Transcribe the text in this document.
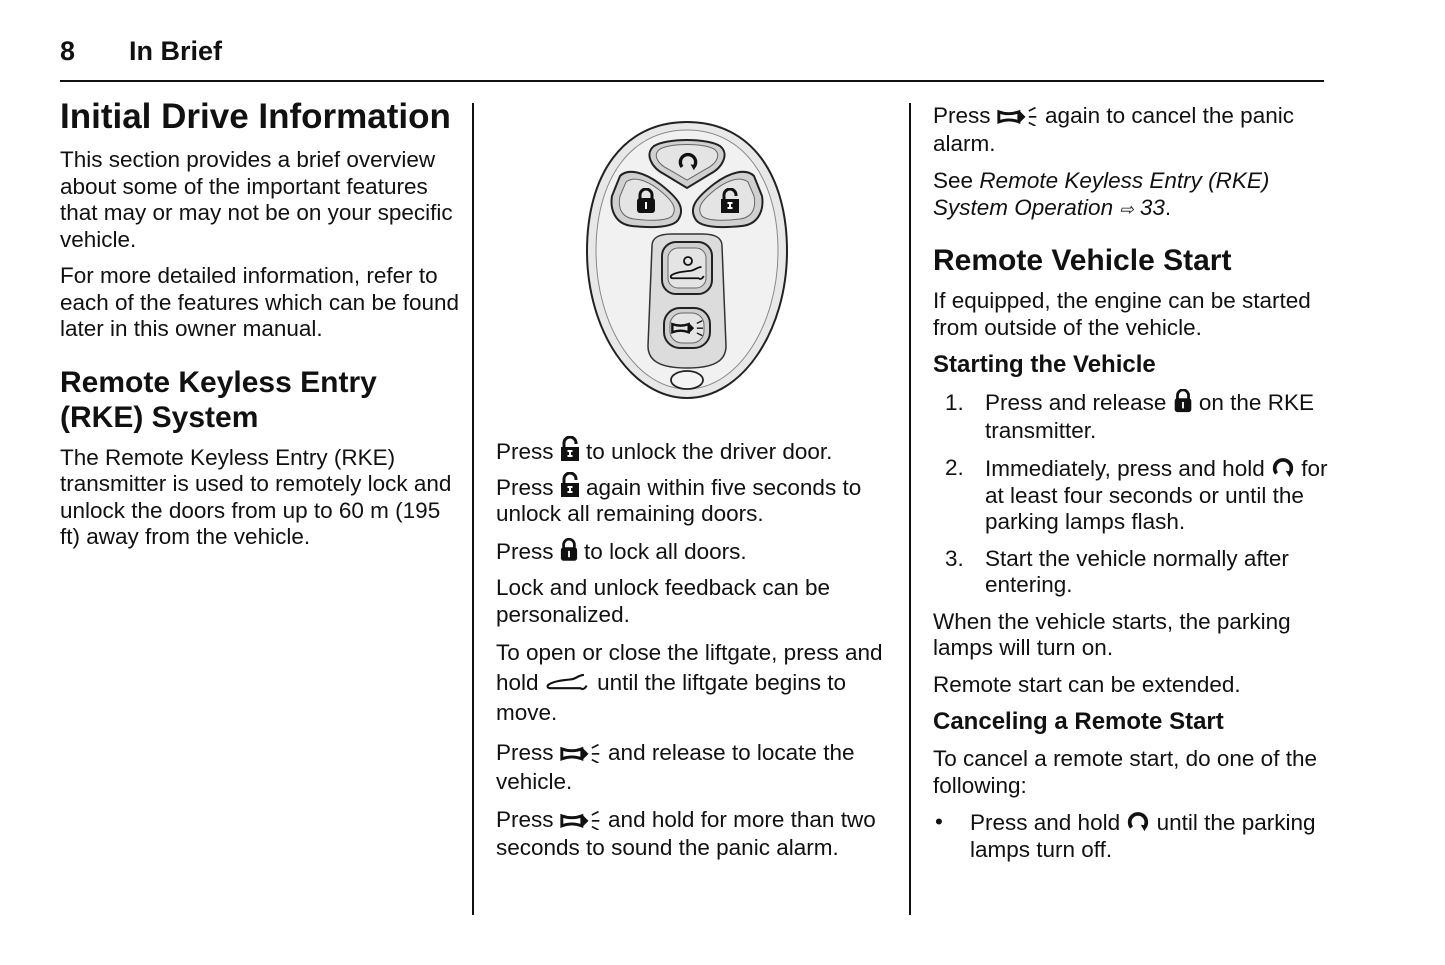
8 In Brief
Initial Drive Information

This section provides a brief overview about some of the important features that may or may not be on your specific vehicle.

For more detailed information, refer to each of the features which can be found later in this owner manual.

Remote Keyless Entry (RKE) System

The Remote Keyless Entry (RKE) transmitter is used to remotely lock and unlock the doors from up to 60 m (195 ft) away from the vehicle.

Press to unlock the driver door.

Press again within five seconds to unlock all remaining doors.

Press to lock all doors.

Lock and unlock feedback can be personalized.

To open or close the liftgate, press and hold	until the liftgate begins to move.

Press and release to locate the vehicle.

Press and hold for more than two seconds to sound the panic alarm.

Press again to cancel the panic alarm.

See Remote Keyless Entry (RKE) System Operation ⇨ 33.

Remote Vehicle Start

If equipped, the engine can be started from outside of the vehicle.

Starting the Vehicle
1. Press and release on the RKE transmitter.
2. Immediately, press and hold for at least four seconds or until the parking lamps flash.
3. Start the vehicle normally after entering.

When the vehicle starts, the parking lamps will turn on.

Remote start can be extended.

Canceling a Remote Start

To cancel a remote start, do one of the following:

• Press and hold until the parking lamps turn off.
